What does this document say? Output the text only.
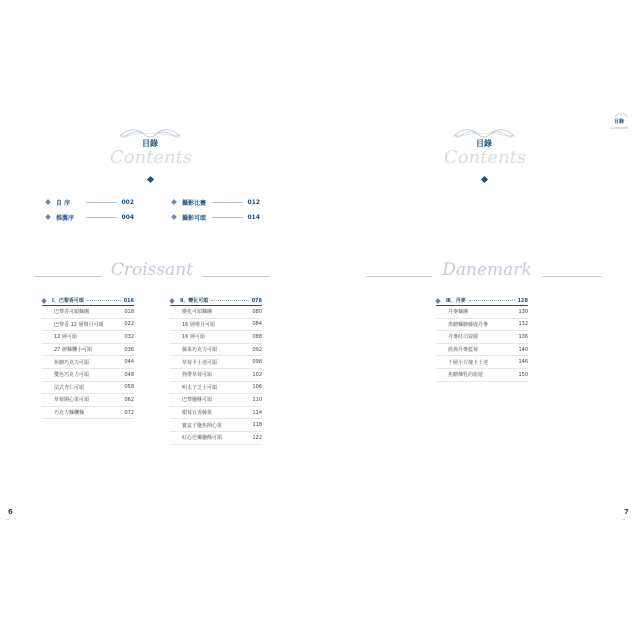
目錄
Contents
目錄
Contents
自 序	002
推薦序	004
攝影比賽	012
攝影可頌	014
Croissant	Danemark
Ⅰ、巴黎香可頌	016
巴黎香可頌麵團	018
巴黎香 12 層彎月可頌	022
12 層可頌	032
27 層麵糰小可頌	036
焦糖巧克力可頌	044
雙色巧克力可頌	048
法式杏仁可頌	058
草莓開心果可頌	062
巧克力麵糰麵	072
Ⅱ、變化可頌	078
變化可頌麵團	080
16 層彎月可頌	084
16 層可頌	088
藤果巧克力可頌	092
草莓卡士達可頌	098
熱帶草莓可頌	102
明太子芝士可頌	106
巴黎鹽酥可頌	110
樹莓百香藤果	114
寶盒子鹽焦開心果	118
紅心芭樂鹽酥可頌	122
Ⅲ、丹麥	128
丹麥麵團	130
黑糖麵糖藤鹿丹麥	132
丹麥紅司姿麗	136
經典丹麥藍莓	140
千層小方塊卡士達	146
焦糖煉乳的旅遊	150
目錄
Contents
6
~
7
~
